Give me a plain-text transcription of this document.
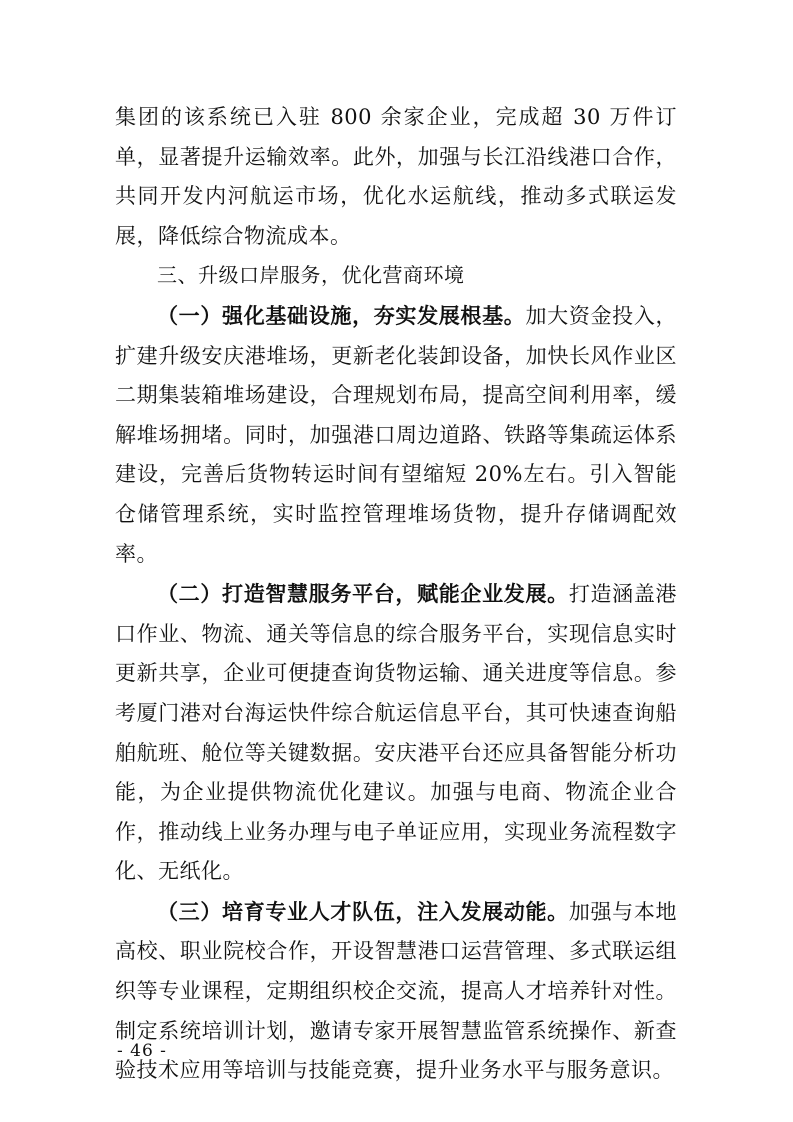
集团的该系统已入驻 800 余家企业，完成超 30 万件订单，显著提升运输效率。此外，加强与长江沿线港口合作，共同开发内河航运市场，优化水运航线，推动多式联运发展，降低综合物流成本。

三、升级口岸服务，优化营商环境

（一）强化基础设施，夯实发展根基。加大资金投入，扩建升级安庆港堆场，更新老化装卸设备，加快长风作业区二期集装箱堆场建设，合理规划布局，提高空间利用率，缓解堆场拥堵。同时，加强港口周边道路、铁路等集疏运体系建设，完善后货物转运时间有望缩短 20%左右。引入智能仓储管理系统，实时监控管理堆场货物，提升存储调配效率。

（二）打造智慧服务平台，赋能企业发展。打造涵盖港口作业、物流、通关等信息的综合服务平台，实现信息实时更新共享，企业可便捷查询货物运输、通关进度等信息。参考厦门港对台海运快件综合航运信息平台，其可快速查询船舶航班、舱位等关键数据。安庆港平台还应具备智能分析功能，为企业提供物流优化建议。加强与电商、物流企业合作，推动线上业务办理与电子单证应用，实现业务流程数字化、无纸化。

（三）培育专业人才队伍，注入发展动能。加强与本地高校、职业院校合作，开设智慧港口运营管理、多式联运组织等专业课程，定期组织校企交流，提高人才培养针对性。制定系统培训计划，邀请专家开展智慧监管系统操作、新查验技术应用等培训与技能竞赛，提升业务水平与服务意识。

- 46 -
